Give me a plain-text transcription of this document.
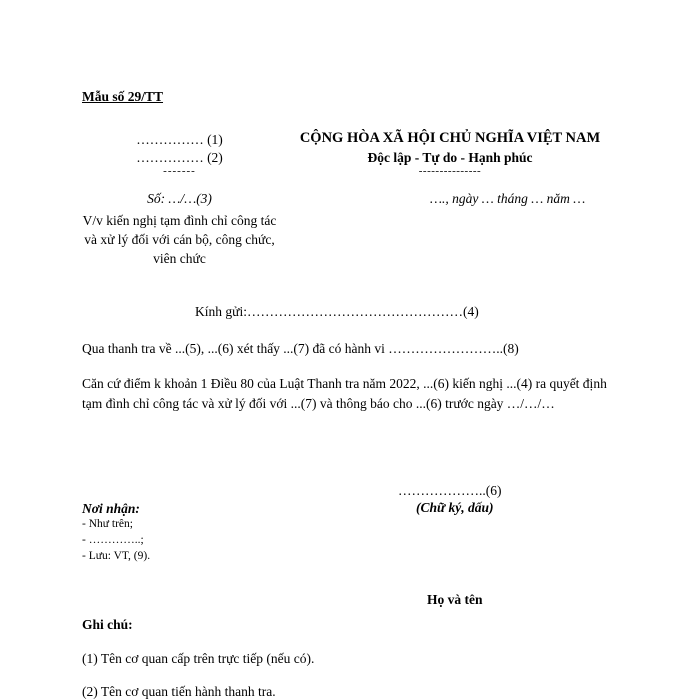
Mẫu số 29/TT
…………… (1)
…………… (2)
-------
Số: …/…(3)
V/v kiến nghị tạm đình chỉ công tác và xử lý đối với cán bộ, công chức, viên chức
CỘNG HÒA XÃ HỘI CHỦ NGHĨA VIỆT NAM
Độc lập - Tự do - Hạnh phúc
---------------
…., ngày … tháng … năm …
Kính gửi:…………………………………………(4)
Qua thanh tra về ...(5), ...(6) xét thấy ...(7) đã có hành vi ……………………..(8)
Căn cứ điểm k khoản 1 Điều 80 của Luật Thanh tra năm 2022, ...(6) kiến nghị ...(4) ra quyết định tạm đình chỉ công tác và xử lý đối với ...(7) và thông báo cho ...(6) trước ngày …/…/…
………………..(6)
(Chữ ký, dấu)
Nơi nhận:
- Như trên;
- …………..;
- Lưu: VT, (9).
Họ và tên
Ghi chú:
(1) Tên cơ quan cấp trên trực tiếp (nếu có).
(2) Tên cơ quan tiến hành thanh tra.
